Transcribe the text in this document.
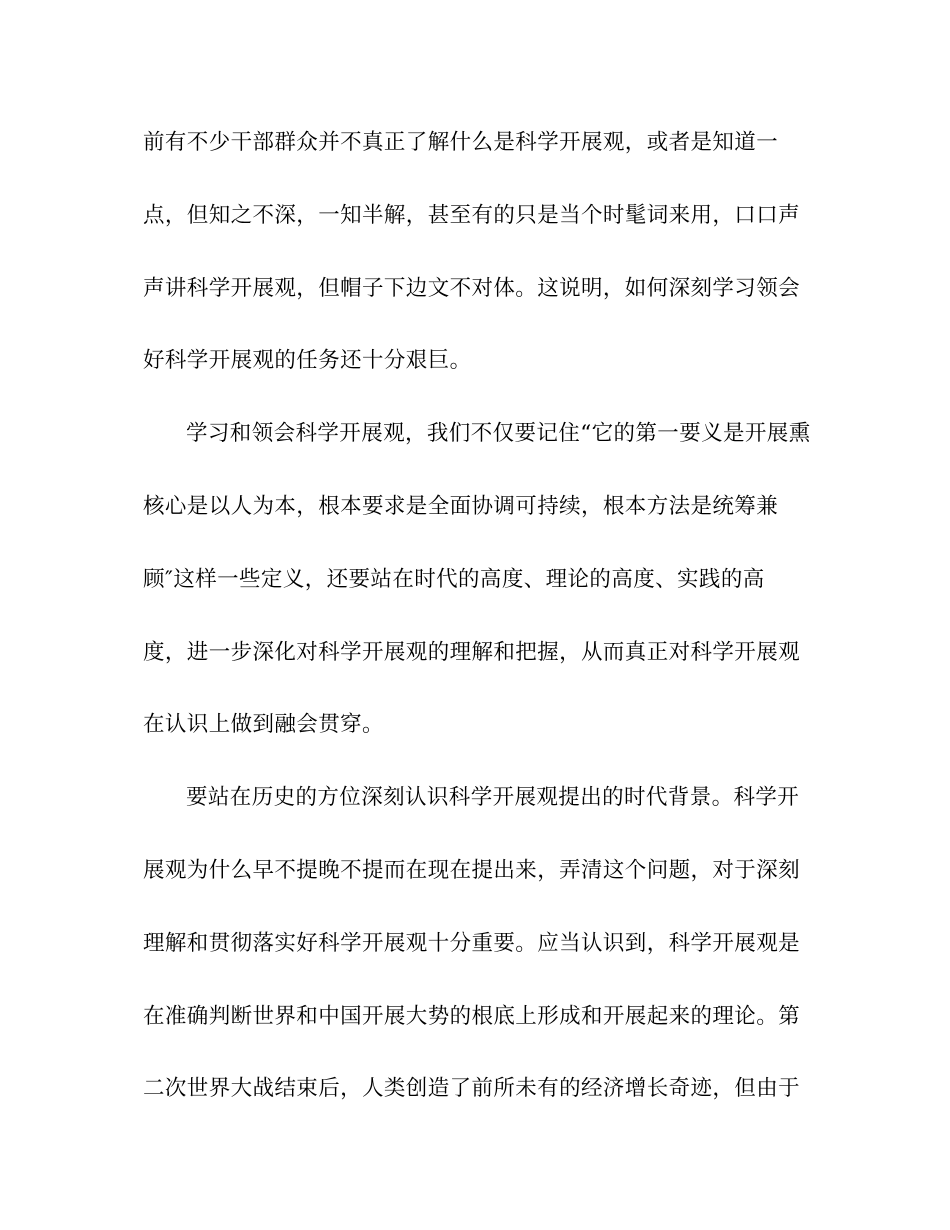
前有不少干部群众并不真正了解什么是科学开展观，或者是知道一
点，但知之不深，一知半解，甚至有的只是当个时髦词来用，口口声
声讲科学开展观，但帽子下边文不对体。这说明，如何深刻学习领会
好科学开展观的任务还十分艰巨。
学习和领会科学开展观，我们不仅要记住“它的第一要义是开展熏
核心是以人为本，根本要求是全面协调可持续，根本方法是统筹兼
顾″这样一些定义，还要站在时代的高度、理论的高度、实践的高
度，进一步深化对科学开展观的理解和把握，从而真正对科学开展观
在认识上做到融会贯穿。
要站在历史的方位深刻认识科学开展观提出的时代背景。科学开
展观为什么早不提晚不提而在现在提出来，弄清这个问题，对于深刻
理解和贯彻落实好科学开展观十分重要。应当认识到，科学开展观是
在准确判断世界和中国开展大势的根底上形成和开展起来的理论。第
二次世界大战结束后，人类创造了前所未有的经济增长奇迹，但由于
